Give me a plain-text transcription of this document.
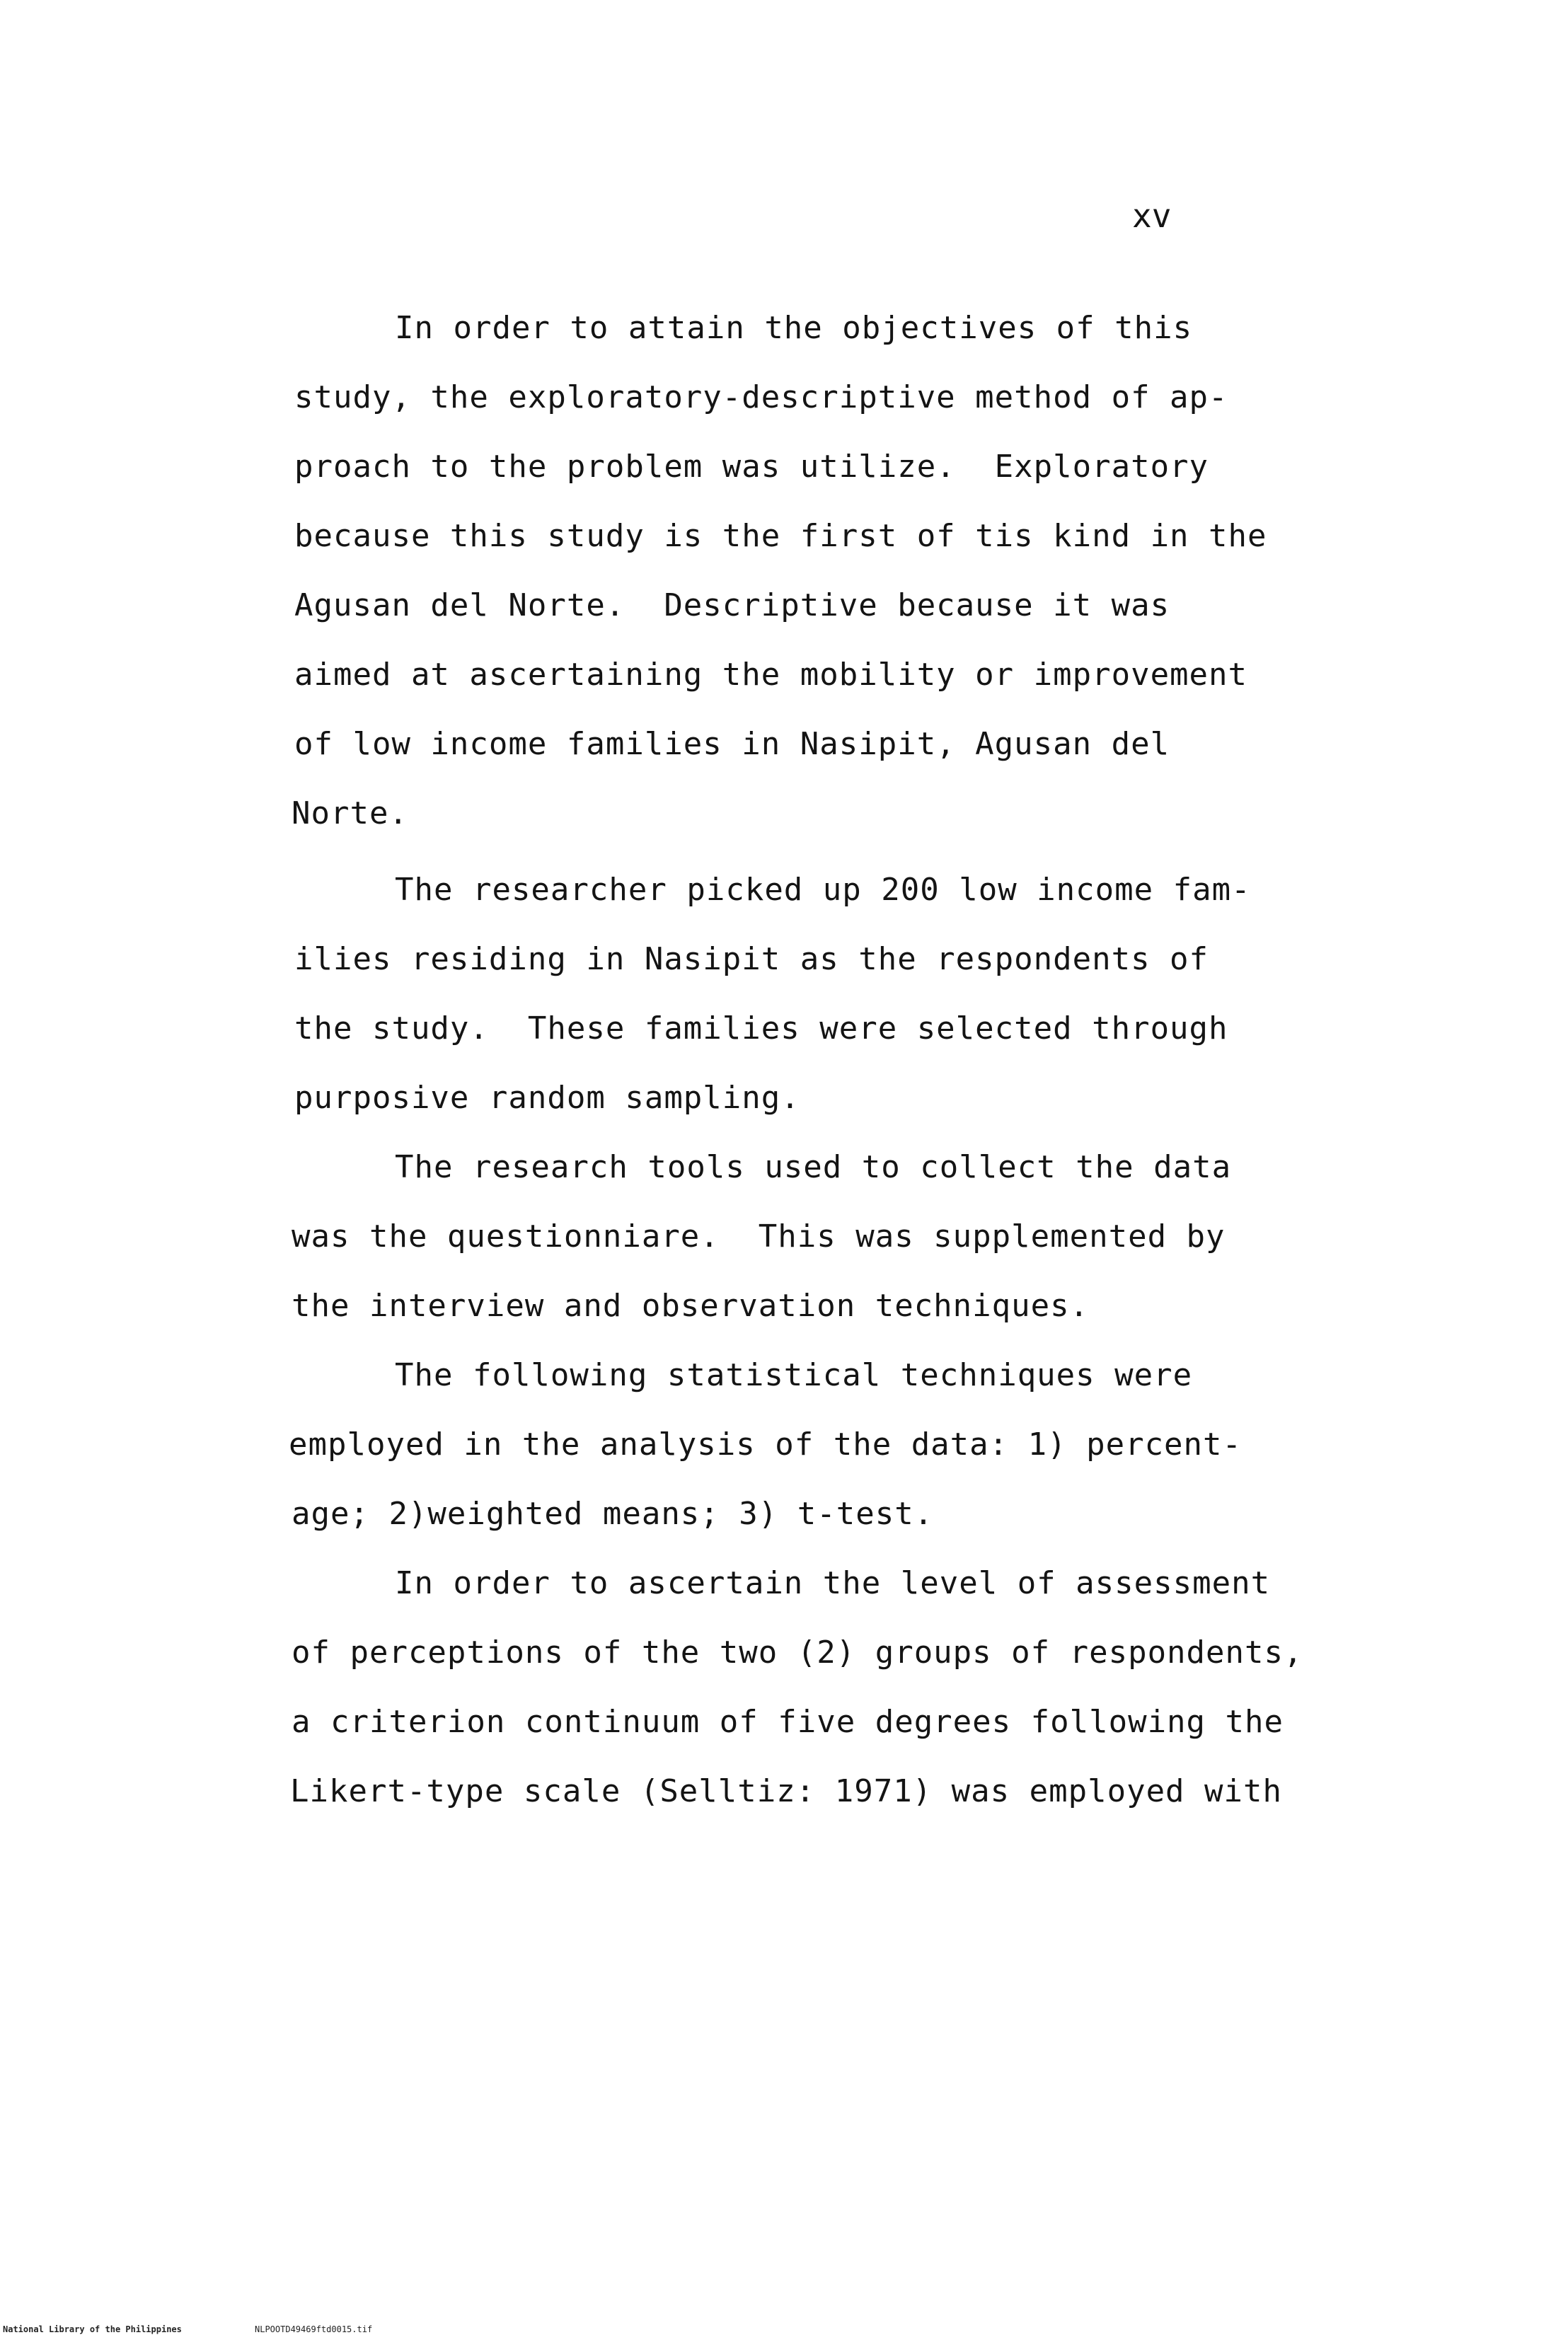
xv
In order to attain the objectives of this
study, the exploratory-descriptive method of ap-
proach to the problem was utilize.  Exploratory
because this study is the first of tis kind in the
Agusan del Norte.  Descriptive because it was
aimed at ascertaining the mobility or improvement
of low income families in Nasipit, Agusan del
Norte.
The researcher picked up 200 low income fam-
ilies residing in Nasipit as the respondents of
the study.  These families were selected through
purposive random sampling.
The research tools used to collect the data
was the questionniare.  This was supplemented by
the interview and observation techniques.
The following statistical techniques were
employed in the analysis of the data: 1) percent-
age; 2)weighted means; 3) t-test.
In order to ascertain the level of assessment
of perceptions of the two (2) groups of respondents,
a criterion continuum of five degrees following the
Likert-type scale (Selltiz: 1971) was employed with
National Library of the Philippines	NLPOOTD49469ftd0015.tif
